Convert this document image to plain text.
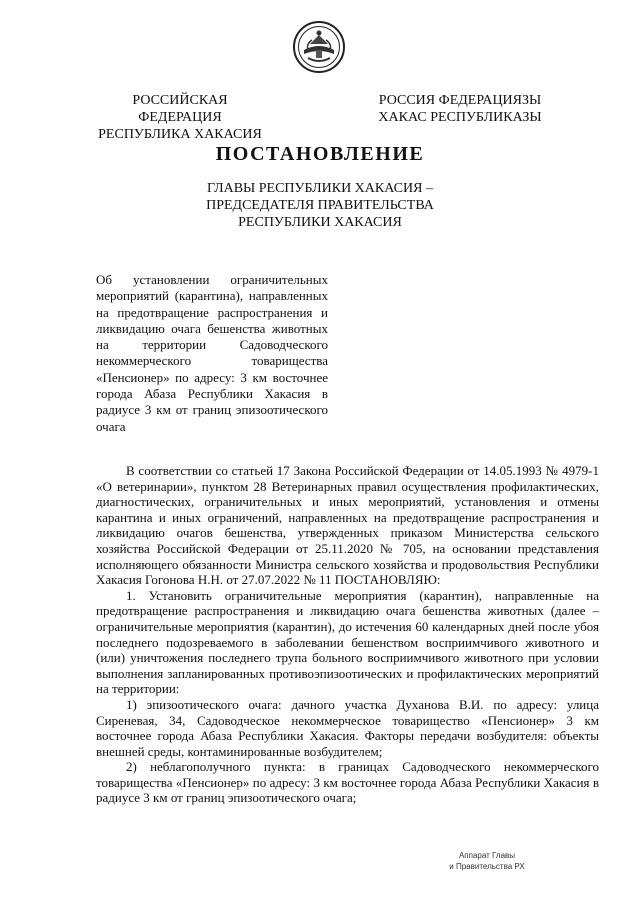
РОССИЙСКАЯ ФЕДЕРАЦИЯ
РЕСПУБЛИКА ХАКАСИЯ
РОССИЯ ФЕДЕРАЦИЯЗЫ
ХАКАС РЕСПУБЛИКАЗЫ
ПОСТАНОВЛЕНИЕ
ГЛАВЫ РЕСПУБЛИКИ ХАКАСИЯ –
ПРЕДСЕДАТЕЛЯ ПРАВИТЕЛЬСТВА
РЕСПУБЛИКИ ХАКАСИЯ
Об установлении ограничительных мероприятий (карантина), направленных на предотвращение распространения и ликвидацию очага бешенства животных на территории Садоводческого некоммерческого товарищества «Пенсионер» по адресу: 3 км восточнее города Абаза Республики Хакасия в радиусе 3 км от границ эпизоотического очага

В соответствии со статьей 17 Закона Российской Федерации от 14.05.1993 № 4979-1 «О ветеринарии», пунктом 28 Ветеринарных правил осуществления профилактических, диагностических, ограничительных и иных мероприятий, установления и отмены карантина и иных ограничений, направленных на предотвращение распространения и ликвидацию очагов бешенства, утвержденных приказом Министерства сельского хозяйства Российской Федерации от 25.11.2020 № 705, на основании представления исполняющего обязанности Министра сельского хозяйства и продовольствия Республики Хакасия Гогонова Н.Н. от 27.07.2022 № 11 ПОСТАНОВЛЯЮ:

1. Установить ограничительные мероприятия (карантин), направленные на предотвращение распространения и ликвидацию очага бешенства животных (далее – ограничительные мероприятия (карантин), до истечения 60 календарных дней после убоя последнего подозреваемого в заболевании бешенством восприимчивого животного и (или) уничтожения последнего трупа больного восприимчивого животного при условии выполнения запланированных противоэпизоотических и профилактических мероприятий на территории:

1) эпизоотического очага: дачного участка Духанова В.И. по адресу: улица Сиреневая, 34, Садоводческое некоммерческое товарищество «Пенсионер» 3 км восточнее города Абаза Республики Хакасия. Факторы передачи возбудителя: объекты внешней среды, контаминированные возбудителем;

2) неблагополучного пункта: в границах Садоводческого некоммерческого товарищества «Пенсионер» по адресу: 3 км восточнее города Абаза Республики Хакасия в радиусе 3 км от границ эпизоотического очага;

Аппарат Главы
и Правительства РХ
